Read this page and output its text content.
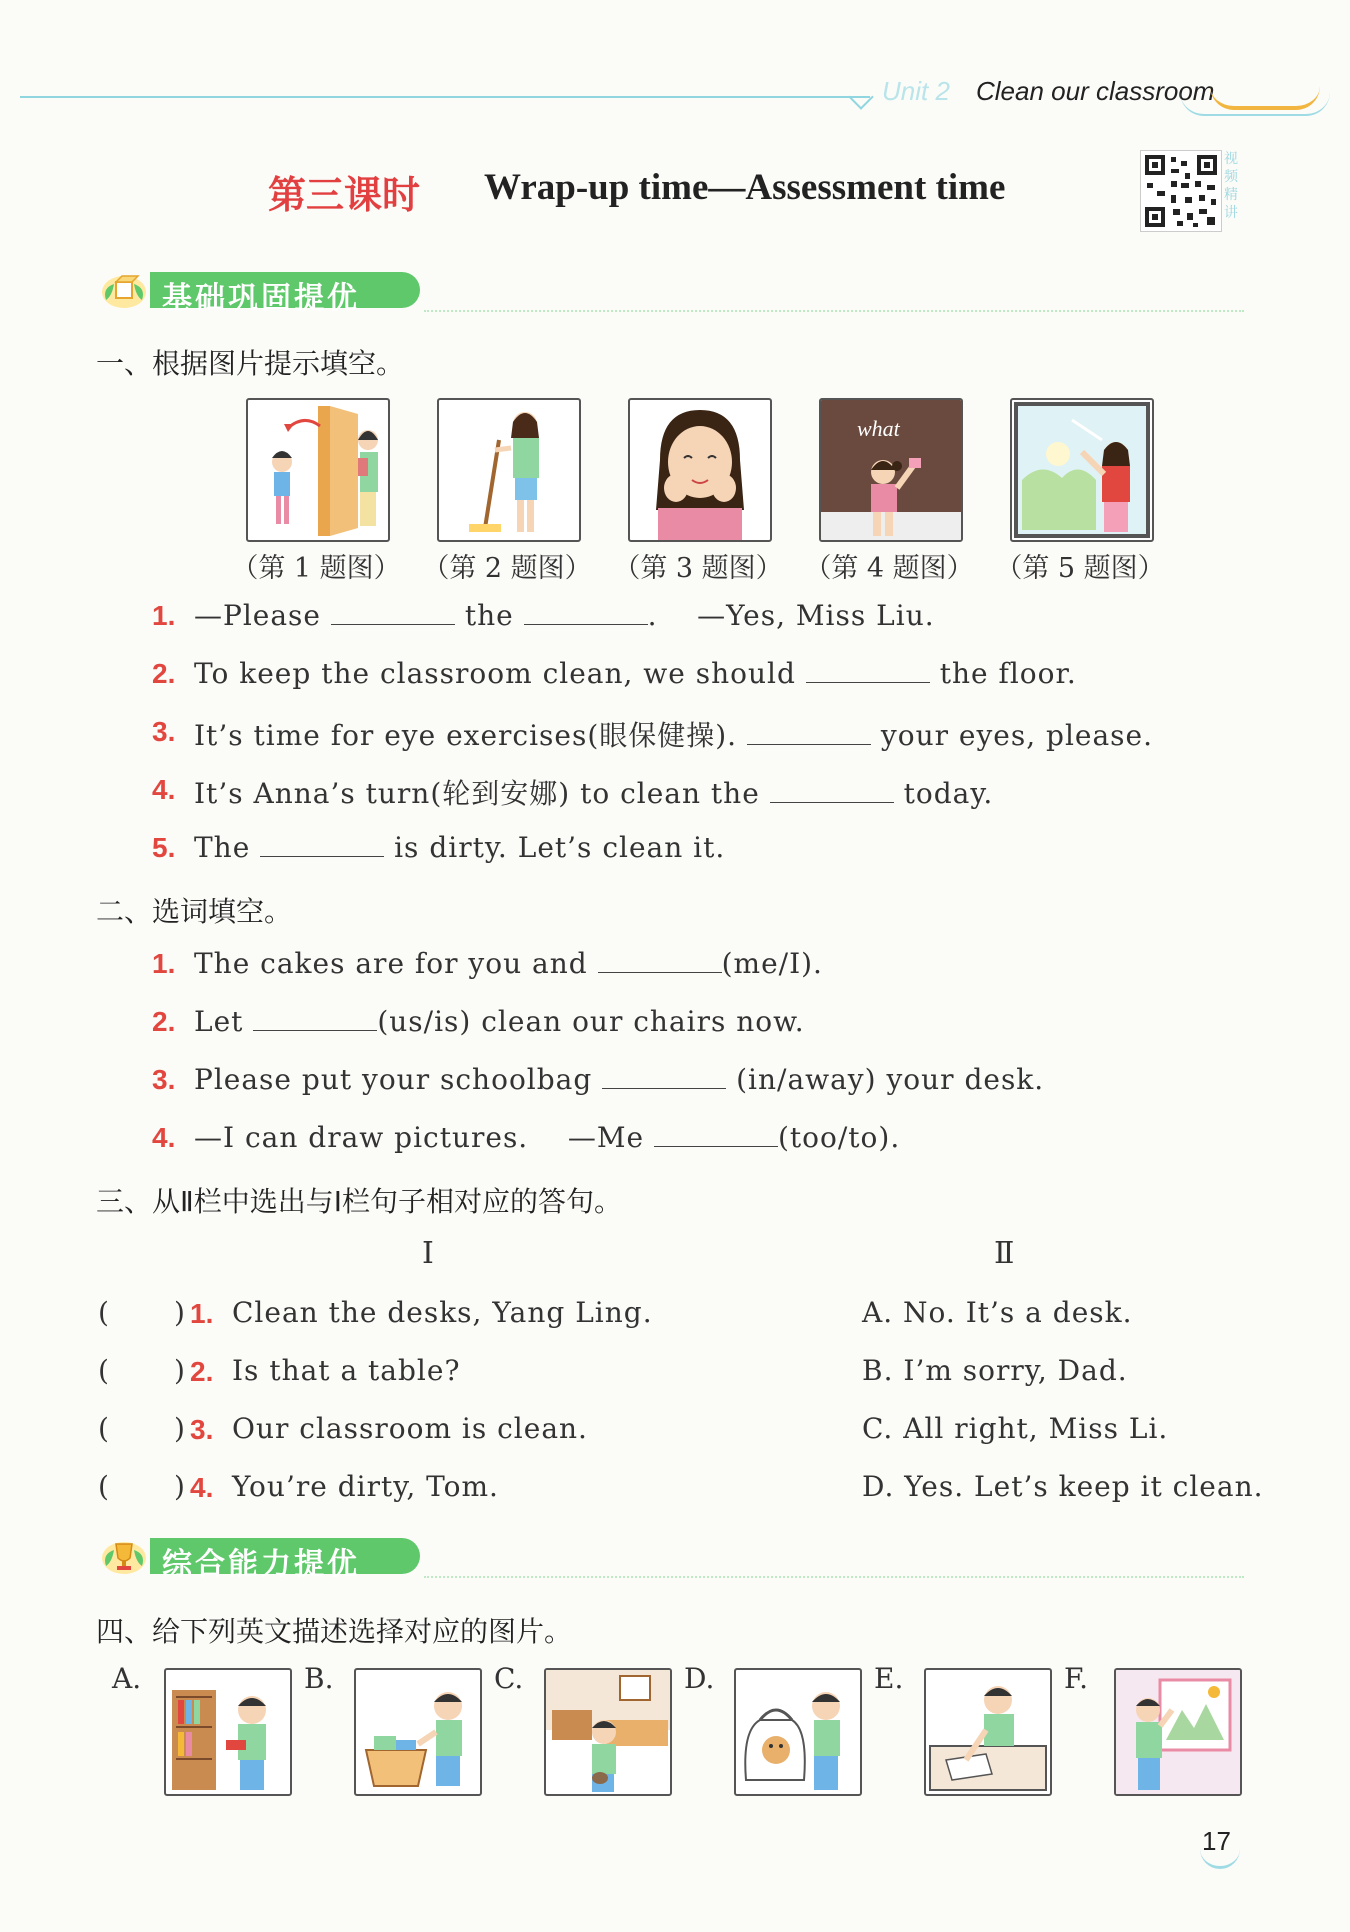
Unit 2 Clean our classroom
第三课时 Wrap-up time—Assessment time
视频精讲
基础巩固提优
一、根据图片提示填空。
what
（第 1 题图） （第 2 题图） （第 3 题图） （第 4 题图） （第 5 题图）
1. —Please	the	. —Yes, Miss Liu.
2. To keep the classroom clean, we should	the floor.
3. It’s time for eye exercises(眼保健操).	your eyes, please.
4. It’s Anna’s turn(轮到安娜) to clean the	today.
5. The	is dirty. Let’s clean it.
二、选词填空。
1. The cakes are for you and	(me/I).
2. Let	(us/is) clean our chairs now.
3. Please put your schoolbag	(in/away) your desk.
4. —I can draw pictures. —Me	(too/to).
三、从Ⅱ栏中选出与Ⅰ栏句子相对应的答句。
Ⅰ	Ⅱ
( ) 1. Clean the desks, Yang Ling.	A. No. It’s a desk.
( ) 2. Is that a table?	B. I’m sorry, Dad.
( ) 3. Our classroom is clean.	C. All right, Miss Li.
( ) 4. You’re dirty, Tom.	D. Yes. Let’s keep it clean.
综合能力提优
四、给下列英文描述选择对应的图片。
A.	B.	C.	D.	E.	F.
17
